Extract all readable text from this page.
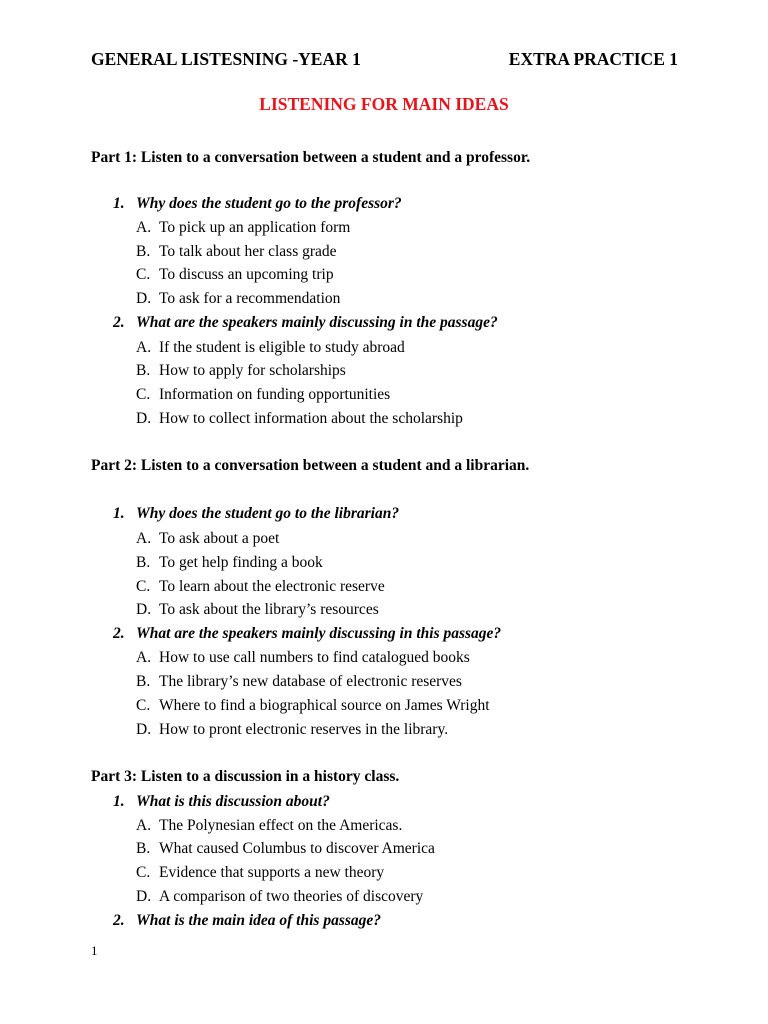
GENERAL LISTESNING -YEAR 1	EXTRA PRACTICE 1
LISTENING FOR MAIN IDEAS
Part 1: Listen to a conversation between a student and a professor.
1. Why does the student go to the professor?
A. To pick up an application form
B. To talk about her class grade
C. To discuss an upcoming trip
D. To ask for a recommendation
2. What are the speakers mainly discussing in the passage?
A. If the student is eligible to study abroad
B. How to apply for scholarships
C. Information on funding opportunities
D. How to collect information about the scholarship
Part 2: Listen to a conversation between a student and a librarian.
1. Why does the student go to the librarian?
A. To ask about a poet
B. To get help finding a book
C. To learn about the electronic reserve
D. To ask about the library’s resources
2. What are the speakers mainly discussing in this passage?
A. How to use call numbers to find catalogued books
B. The library’s new database of electronic reserves
C. Where to find a biographical source on James Wright
D. How to pront electronic reserves in the library.
Part 3: Listen to a discussion in a history class.
1. What is this discussion about?
A. The Polynesian effect on the Americas.
B. What caused Columbus to discover America
C. Evidence that supports a new theory
D. A comparison of two theories of discovery
2. What is the main idea of this passage?
1
